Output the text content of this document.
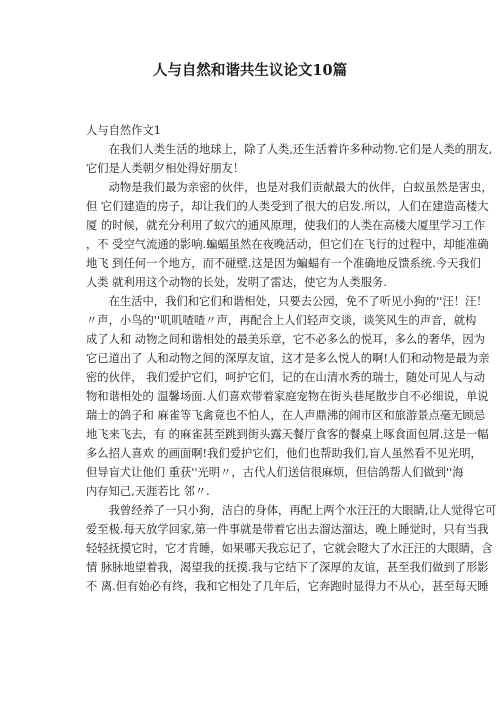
人与自然和谐共生议论文10篇
人与自然作文1
　　在我们人类生活的地球上，除了人类,还生活着许多种动物.它们是人类的朋友,
它们是人类朝夕相处得好朋友！
　　动物是我们最为亲密的伙伴，也是对我们贡献最大的伙伴，白蚁虽然是害虫，
但 它们建造的房子，却让我们的人类受到了很大的启发.所以，人们在建造高楼大
厦 的时候，就充分利用了蚁穴的通风原理，使我们的人类在高楼大厦里学习工作
，不 受空气流通的影响.蝙蝠虽然在夜晚活动，但它们在飞行的过程中，却能准确
地飞 到任何一个地方，而不碰壁.这是因为蝙蝠有一个准确地反馈系统.今天我们
人类 就利用这个动物的长处，发明了雷达，使它为人类服务.
　　在生活中，我们和它们和谐相处，只要去公园，免不了听见小狗的''汪！汪！
〃声，小鸟的''叽叽喳喳〃声，再配合上人们轻声交谈，谈笑风生的声音，就构
成了人和 动物之间和谐相处的最美乐章，它不必多么的悦耳，多么的奢华，因为
它已道出了 人和动物之间的深厚友谊，这才是多么悦人的啊!人们和动物是最为亲
密的伙伴， 我们爱护它们，呵护它们，记的在山清水秀的瑞士，随处可见人与动
物和谐相处的 温馨场面.人们喜欢带着家庭宠物在街头巷尾散步自不必细说，单说
瑞士的鸽子和 麻雀等飞禽竟也不怕人，在人声鼎沸的闹市区和旅游景点毫无顾忌
地飞来飞去，有 的麻雀甚至跳到街头露天餐厅食客的餐桌上啄食面包屑.这是一幅
多么招人喜欢 的画面啊!我们爱护它们，他们也帮助我们,盲人虽然看不见光明，
但导盲犬让他们 重获''光明〃，古代人们送信很麻烦，但信鸽帮人们做到''海
内存知己,天涯若比 邻〃.
　　我曾经养了一只小狗，洁白的身体，再配上两个水汪汪的大眼睛,让人觉得它可
爱至极.每天放学回家,第一件事就是带着它出去溜达溜达，晚上睡觉时，只有当我
轻轻抚摸它时，它才肯睡，如果哪天我忘记了，它就会瞪大了水汪汪的大眼睛，含
情 脉脉地望着我，渴望我的抚摸.我与它结下了深厚的友谊，甚至我们做到了形影
不 离.但有始必有终，我和它相处了几年后，它奔跑时显得力不从心，甚至每天睡
